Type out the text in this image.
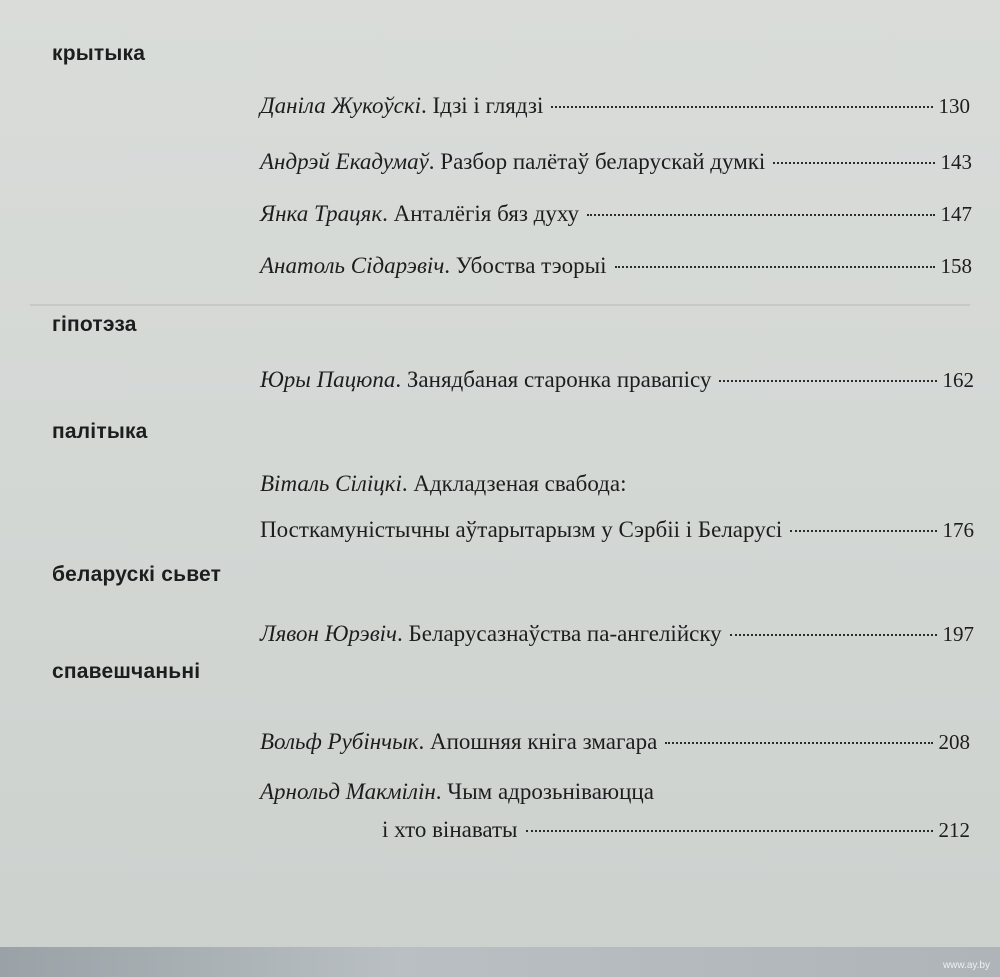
крытыка
Даніла Жукоўскі . Ідзі і глядзі	130
Андрэй Екадумаў . Разбор палётаў беларускай думкі	143
Янка Трацяк . Анталёгія бяз духу	147
Анатоль Сідарэвіч . Убоства тэорыі	158
гіпотэза
Юры Пацюпа . Занядбаная старонка правапісу	162
палітыка
Віталь Сіліцкі. Адкладзеная свабода:
Посткамуністычны аўтарытарызм у Сэрбіі і Беларусі	176
беларускі сьвет
Лявон Юрэвіч . Беларусазнаўства па-ангелійску	197
спавешчаньні
Вольф Рубінчык . Апошняя кніга змагара	208
Арнольд Макмілін. Чым адрозьніваюцца
і хто вінаваты	212
www.ay.by
